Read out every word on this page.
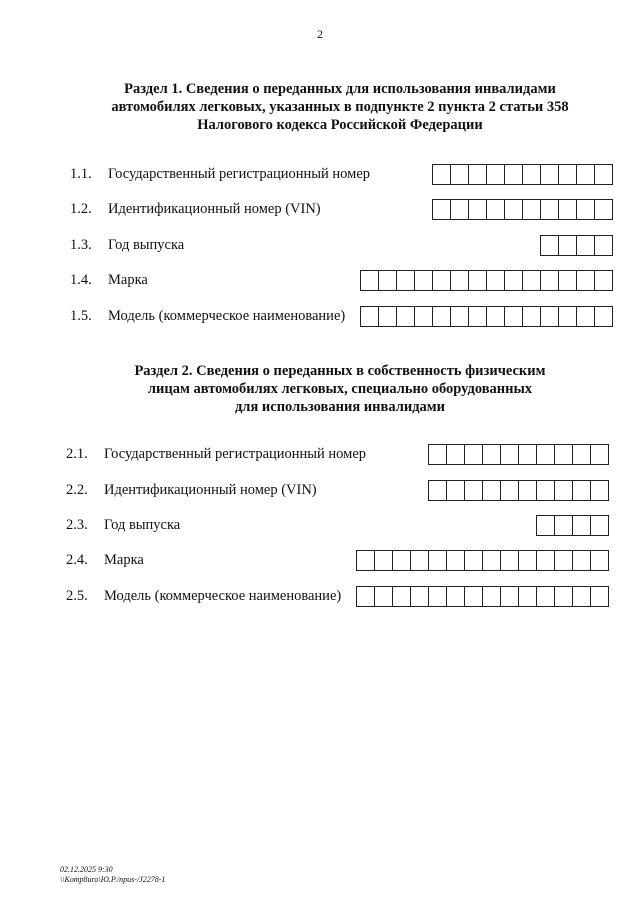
2
Раздел 1. Сведения о переданных для использования инвалидами
автомобилях легковых, указанных в подпункте 2 пункта 2 статьи 358
Налогового кодекса Российской Федерации
1.1. Государственный регистрационный номер
1.2. Идентификационный номер (VIN)
1.3. Год выпуска
1.4. Марка
1.5. Модель (коммерческое наименование)
Раздел 2. Сведения о переданных в собственность физическим
лицам автомобилях легковых, специально оборудованных
для использования инвалидами
2.1. Государственный регистрационный номер
2.2. Идентификационный номер (VIN)
2.3. Год выпуска
2.4. Марка
2.5. Модель (коммерческое наименование)
02.12.2025 9:30
\\Komp8uro\Ю.Р./npus-/J2278-1
